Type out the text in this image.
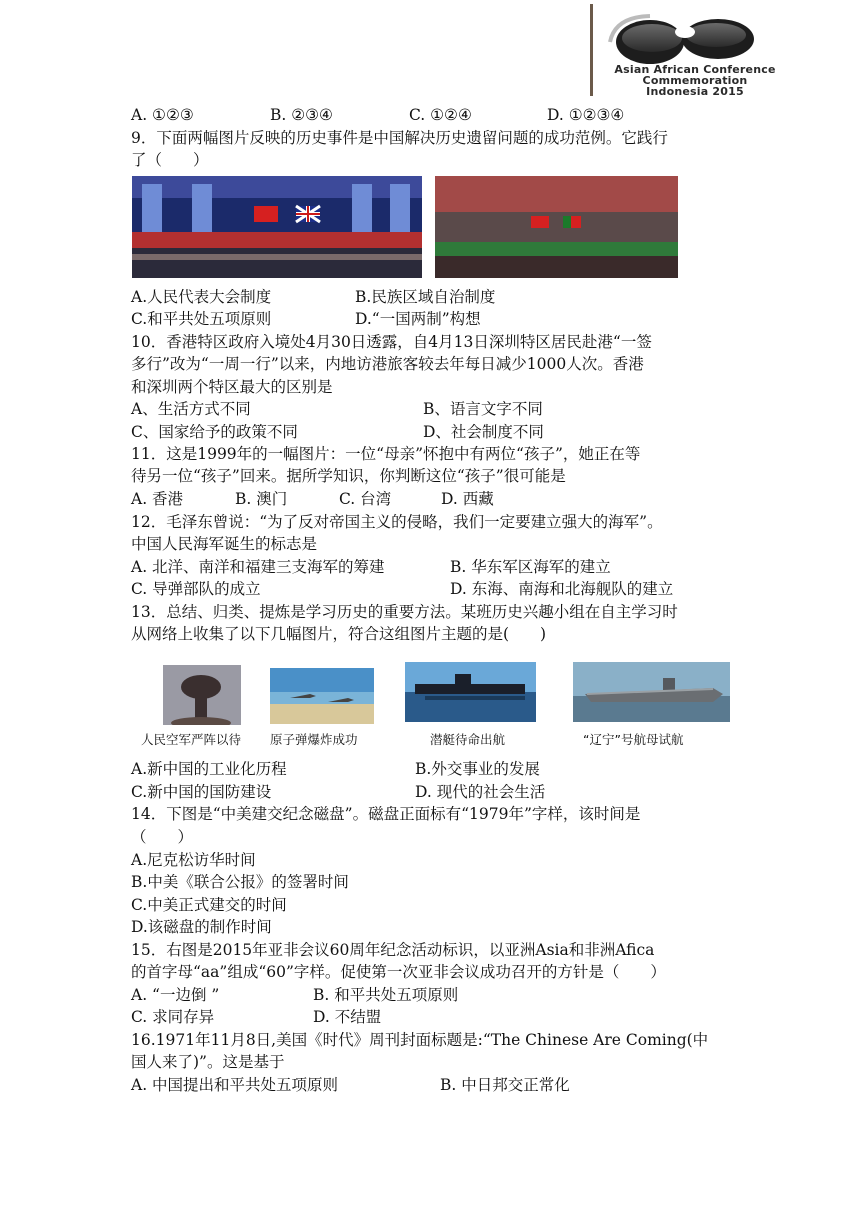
Asian African Conference
Commemoration
Indonesia 2015
A. ①②③	B. ②③④	C. ①②④	D. ①②③④
9．下面两幅图片反映的历史事件是中国解决历史遗留问题的成功范例。它践行
了（　　）
A.人民代表大会制度	B.民族区域自治制度
C.和平共处五项原则	D.“一国两制”构想
10．香港特区政府入境处4月30日透露，自4月13日深圳特区居民赴港“一签
多行”改为“一周一行”以来，内地访港旅客较去年每日减少1000人次。香港
和深圳两个特区最大的区别是
A、生活方式不同	B、语言文字不同
C、国家给予的政策不同	D、社会制度不同
11．这是1999年的一幅图片：一位“母亲”怀抱中有两位“孩子”，她正在等
待另一位“孩子”回来。据所学知识，你判断这位“孩子”很可能是
A. 香港	B. 澳门	C. 台湾	D. 西藏
12．毛泽东曾说：“为了反对帝国主义的侵略，我们一定要建立强大的海军”。
中国人民海军诞生的标志是
A. 北洋、南洋和福建三支海军的筹建	B. 华东军区海军的建立
C. 导弹部队的成立	D. 东海、南海和北海舰队的建立
13．总结、归类、提炼是学习历史的重要方法。某班历史兴趣小组在自主学习时
从网络上收集了以下几幅图片，符合这组图片主题的是(　　)
人民空军严阵以待 原子弹爆炸成功	潜艇待命出航	“辽宁”号航母试航
A.新中国的工业化历程	B.外交事业的发展
C.新中国的国防建设	D. 现代的社会生活
14．下图是“中美建交纪念磁盘”。磁盘正面标有“1979年”字样，该时间是
（　　）
A.尼克松访华时间
B.中美《联合公报》的签署时间
C.中美正式建交的时间
D.该磁盘的制作时间
15．右图是2015年亚非会议60周年纪念活动标识，以亚洲Asia和非洲Afica
的首字母“aa”组成“60”字样。促使第一次亚非会议成功召开的方针是（　　）
A. “一边倒 ”	B. 和平共处五项原则
C. 求同存异	D. 不结盟
16.1971年11月8日,美国《时代》周刊封面标题是:“The Chinese Are Coming(中
国人来了)”。这是基于
A. 中国提出和平共处五项原则	B. 中日邦交正常化
